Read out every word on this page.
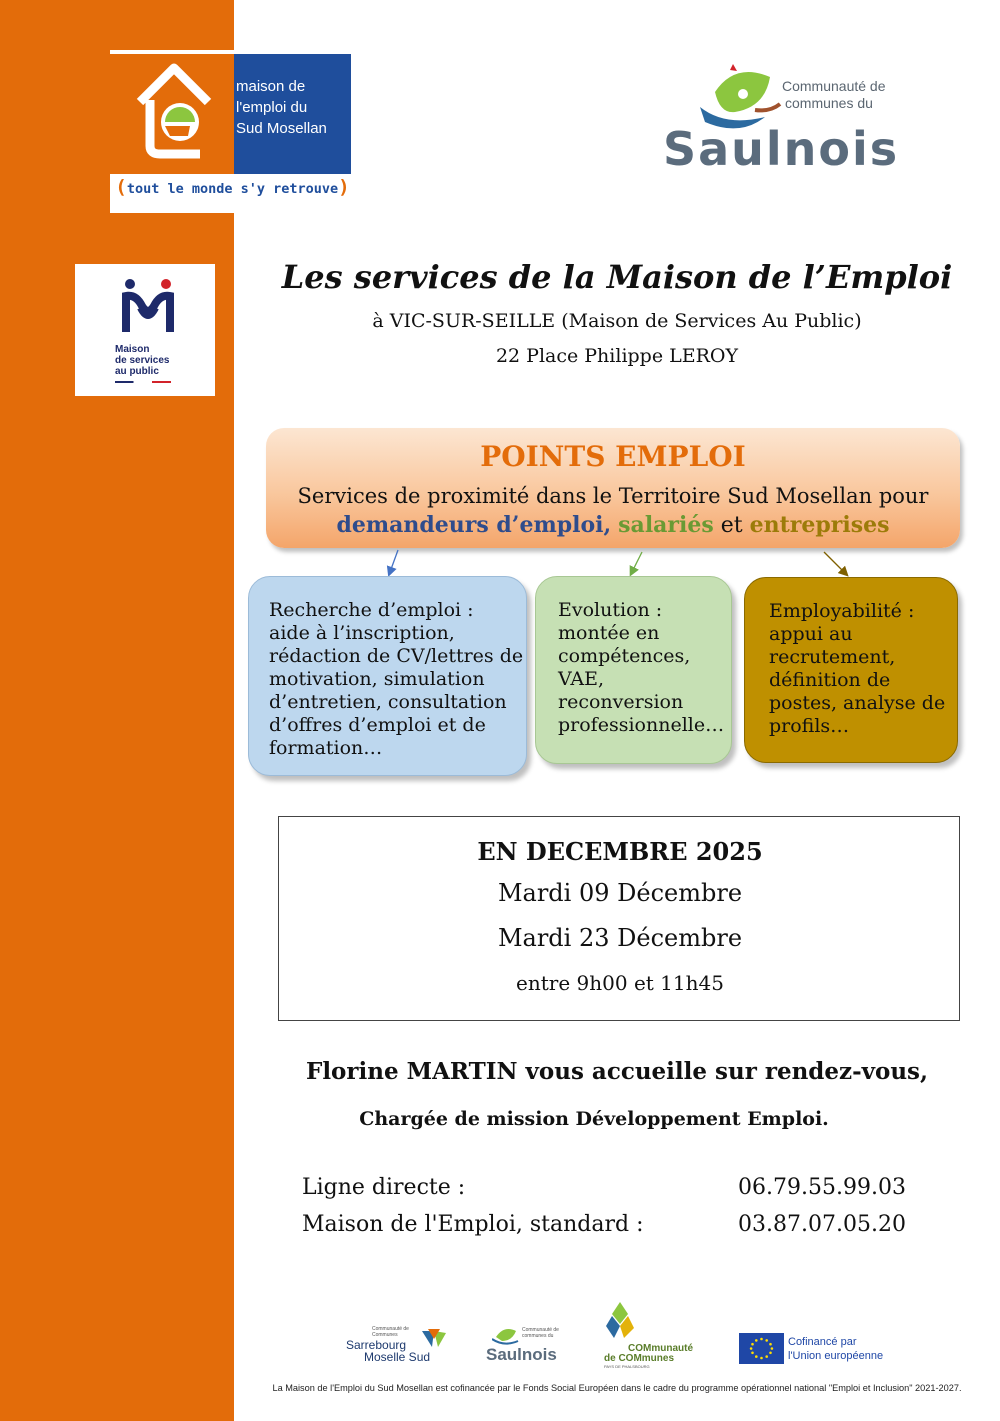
maison de
l'emploi du
Sud Mosellan
(tout le monde s'y retrouve)
Communauté de
communes du
Saulnois
Maison
de services
au public
Les services de la Maison de l’Emploi
à VIC-SUR-SEILLE (Maison de Services Au Public)
22 Place Philippe LEROY
POINTS EMPLOI
Services de proximité dans le Territoire Sud Mosellan pour
demandeurs d’emploi, salariés et entreprises
Recherche d’emploi :
aide à l’inscription,
rédaction de CV/lettres de
motivation, simulation
d’entretien, consultation
d’offres d’emploi et de
formation…
Evolution :
montée en
compétences,
VAE,
reconversion
professionnelle…
Employabilité :
appui au
recrutement,
définition de
postes, analyse de
profils…
EN DECEMBRE 2025
Mardi 09 Décembre
Mardi 23 Décembre
entre 9h00 et 11h45
Florine MARTIN vous accueille sur rendez-vous,
Chargée de mission Développement Emploi.
Ligne directe :	06.79.55.99.03
Maison de l'Emploi, standard :	03.87.07.05.20
Communauté de
Communes
Sarrebourg
Moselle Sud
Communauté de
communes du
Saulnois	COMmunauté
de COMmunes
PAYS DE PHALSBOURG
Cofinancé par
l'Union européenne
La Maison de l'Emploi du Sud Mosellan est cofinancée par le Fonds Social Européen dans le cadre du programme opérationnel national "Emploi et Inclusion" 2021-2027.
